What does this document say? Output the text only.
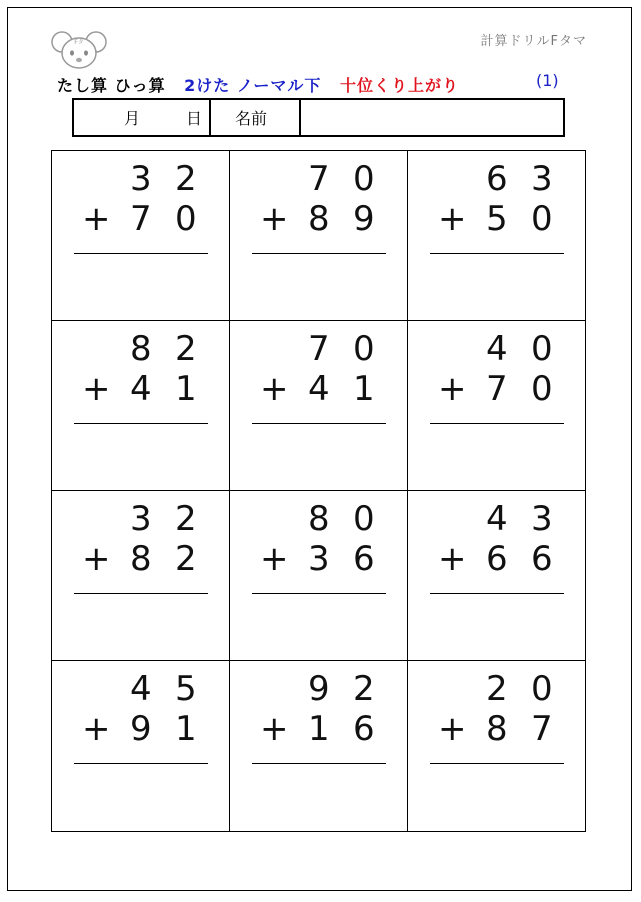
Fタ	計算ドリルFタマ
たし算 ひっ算 2けた ノーマル下 十位くり上がり	(1)
月	日 名前
3 2
+ 7 0
7 0
+ 8 9
6 3
+ 5 0
8 2
+ 4 1
7 0
+ 4 1
4 0
+ 7 0
3 2
+ 8 2
8 0
+ 3 6
4 3
+ 6 6
4 5
+ 9 1
9 2
+ 1 6
2 0
+ 8 7
